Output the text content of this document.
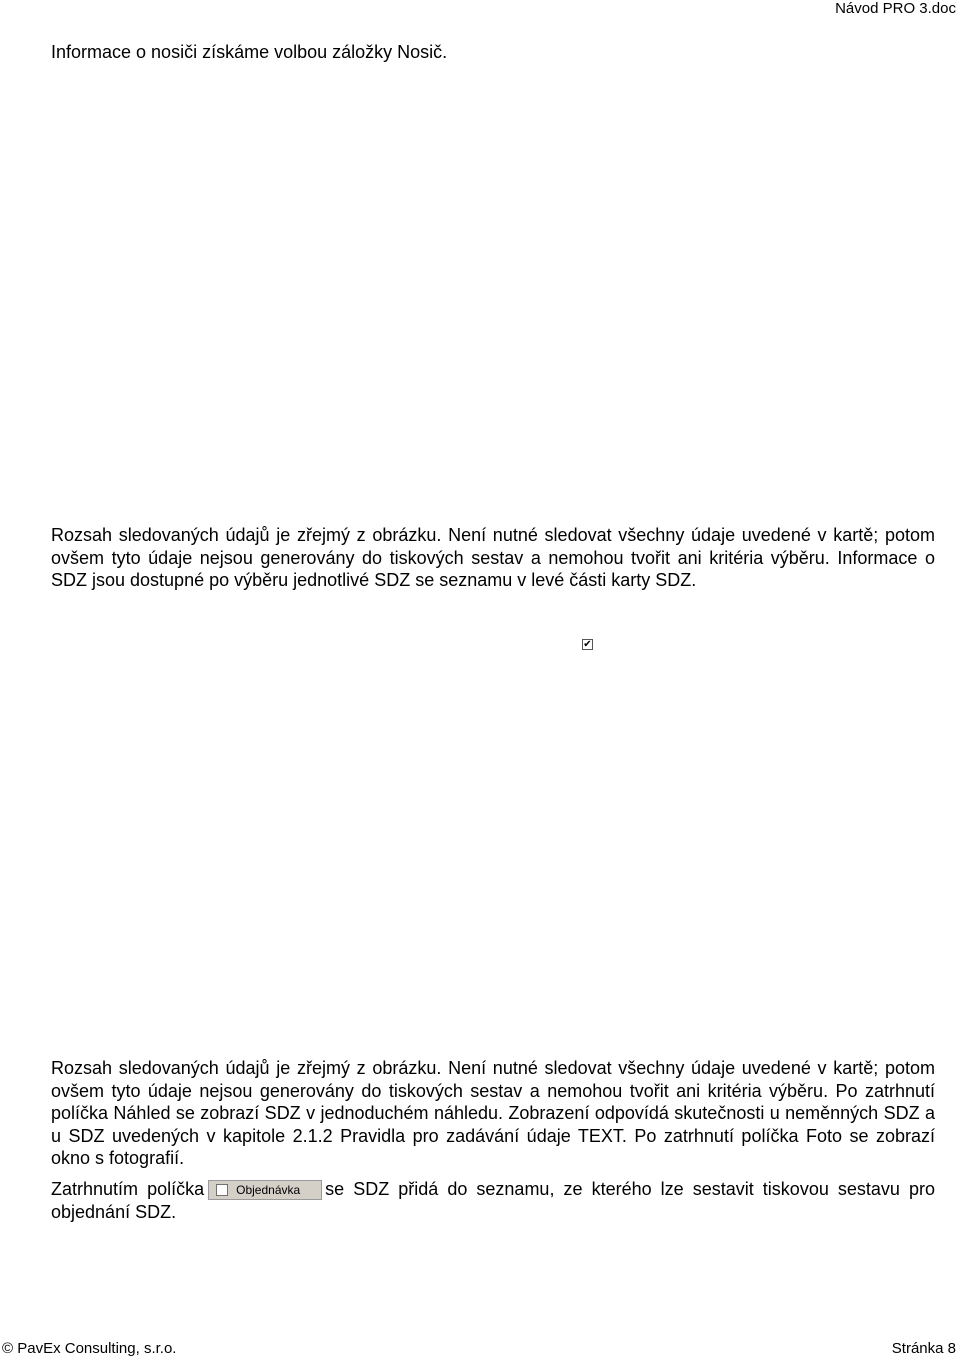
Návod PRO 3.doc

Informace o nosiči získáme volbou záložky Nosič.

Rozsah sledovaných údajů je zřejmý z obrázku. Není nutné sledovat všechny údaje uvedené v kartě; potom ovšem tyto údaje nejsou generovány do tiskových sestav a nemohou tvořit ani kritéria výběru. Informace o SDZ jsou dostupné po výběru jednotlivé SDZ se seznamu v levé části karty SDZ.

✔

Rozsah sledovaných údajů je zřejmý z obrázku. Není nutné sledovat všechny údaje uvedené v kartě; potom ovšem tyto údaje nejsou generovány do tiskových sestav a nemohou tvořit ani kritéria výběru. Po zatrhnutí políčka Náhled se zobrazí SDZ v jednoduchém náhledu. Zobrazení odpovídá skutečnosti u neměnných SDZ a u SDZ uvedených v kapitole 2.1.2 Pravidla pro zadávání údaje TEXT. Po zatrhnutí políčka Foto se zobrazí okno s fotografií.

Zatrhnutím políčka	Objednávka se SDZ přidá do seznamu, ze kterého lze sestavit tiskovou sestavu pro objednání SDZ.

© PavEx Consulting, s.r.o.	Stránka 8
